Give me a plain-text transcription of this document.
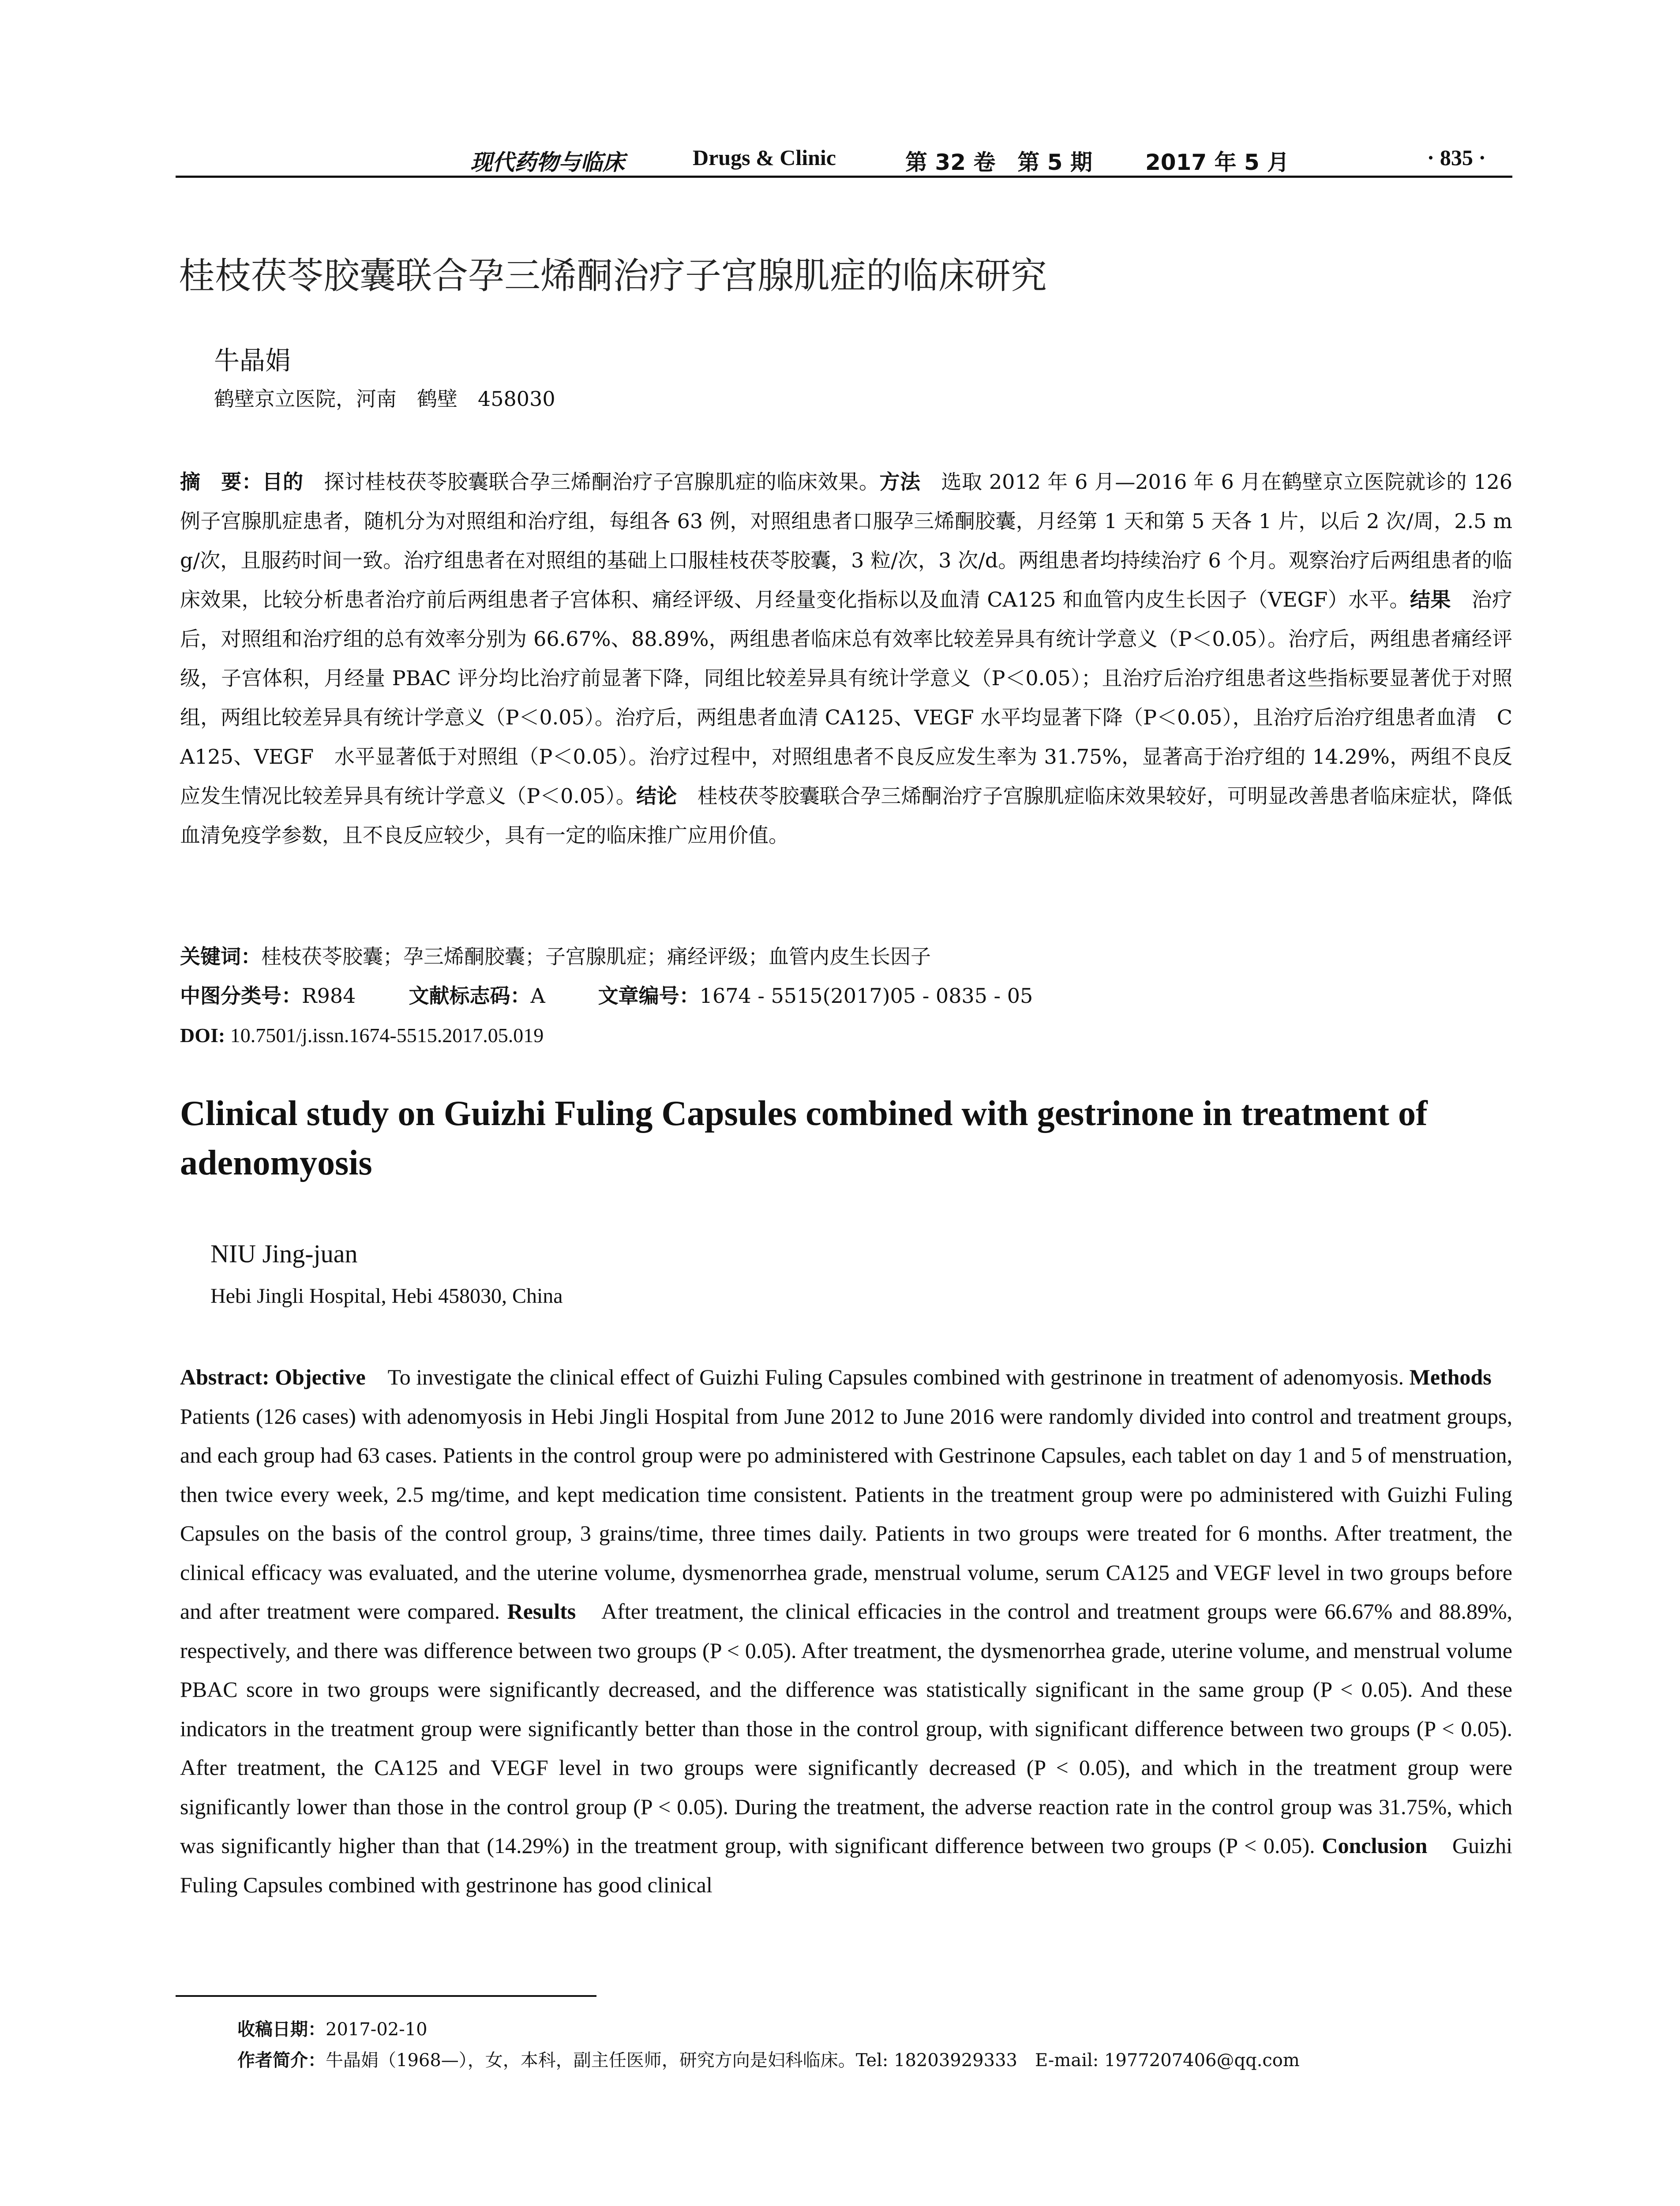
现代药物与临床	Drugs & Clinic	第 32 卷　第 5 期 2017 年 5 月	· 835 ·
桂枝茯苓胶囊联合孕三烯酮治疗子宫腺肌症的临床研究
牛晶娟
鹤壁京立医院，河南　鹤壁　458030
摘　要：目的　探讨桂枝茯苓胶囊联合孕三烯酮治疗子宫腺肌症的临床效果。方法　选取 2012 年 6 月—2016 年 6 月在鹤壁京立医院就诊的 126 例子宫腺肌症患者，随机分为对照组和治疗组，每组各 63 例，对照组患者口服孕三烯酮胶囊，月经第 1 天和第 5 天各 1 片，以后 2 次/周，2.5 mg/次，且服药时间一致。治疗组患者在对照组的基础上口服桂枝茯苓胶囊，3 粒/次，3 次/d。两组患者均持续治疗 6 个月。观察治疗后两组患者的临床效果，比较分析患者治疗前后两组患者子宫体积、痛经评级、月经量变化指标以及血清 CA125 和血管内皮生长因子（VEGF）水平。结果　治疗后，对照组和治疗组的总有效率分别为 66.67%、88.89%，两组患者临床总有效率比较差异具有统计学意义（P＜0.05）。治疗后，两组患者痛经评级，子宫体积，月经量 PBAC 评分均比治疗前显著下降，同组比较差异具有统计学意义（P＜0.05）；且治疗后治疗组患者这些指标要显著优于对照组，两组比较差异具有统计学意义（P＜0.05）。治疗后，两组患者血清 CA125、VEGF 水平均显著下降（P＜0.05），且治疗后治疗组患者血清　CA125、VEGF　水平显著低于对照组（P＜0.05）。治疗过程中，对照组患者不良反应发生率为 31.75%，显著高于治疗组的 14.29%，两组不良反应发生情况比较差异具有统计学意义（P＜0.05）。结论　桂枝茯苓胶囊联合孕三烯酮治疗子宫腺肌症临床效果较好，可明显改善患者临床症状，降低血清免疫学参数，且不良反应较少，具有一定的临床推广应用价值。
关键词：桂枝茯苓胶囊；孕三烯酮胶囊；子宫腺肌症；痛经评级；血管内皮生长因子
中图分类号：R984	文献标志码：A	文章编号：1674 - 5515(2017)05 - 0835 - 05
DOI: 10.7501/j.issn.1674-5515.2017.05.019
Clinical study on Guizhi Fuling Capsules combined with gestrinone in treatment of adenomyosis
NIU Jing-juan
Hebi Jingli Hospital, Hebi 458030, China
Abstract: Objective　To investigate the clinical effect of Guizhi Fuling Capsules combined with gestrinone in treatment of adenomyosis. Methods　Patients (126 cases) with adenomyosis in Hebi Jingli Hospital from June 2012 to June 2016 were randomly divided into control and treatment groups, and each group had 63 cases. Patients in the control group were po administered with Gestrinone Capsules, each tablet on day 1 and 5 of menstruation, then twice every week, 2.5 mg/time, and kept medication time consistent. Patients in the treatment group were po administered with Guizhi Fuling Capsules on the basis of the control group, 3 grains/time, three times daily. Patients in two groups were treated for 6 months. After treatment, the clinical efficacy was evaluated, and the uterine volume, dysmenorrhea grade, menstrual volume, serum CA125 and VEGF level in two groups before and after treatment were compared. Results　After treatment, the clinical efficacies in the control and treatment groups were 66.67% and 88.89%, respectively, and there was difference between two groups (P < 0.05). After treatment, the dysmenorrhea grade, uterine volume, and menstrual volume PBAC score in two groups were significantly decreased, and the difference was statistically significant in the same group (P < 0.05). And these indicators in the treatment group were significantly better than those in the control group, with significant difference between two groups (P < 0.05). After treatment, the CA125 and VEGF level in two groups were significantly decreased (P < 0.05), and which in the treatment group were significantly lower than those in the control group (P < 0.05). During the treatment, the adverse reaction rate in the control group was 31.75%, which was significantly higher than that (14.29%) in the treatment group, with significant difference between two groups (P < 0.05). Conclusion　Guizhi Fuling Capsules combined with gestrinone has good clinical
收稿日期：2017-02-10
作者简介：牛晶娟（1968—），女，本科，副主任医师，研究方向是妇科临床。Tel: 18203929333　E-mail: 1977207406@qq.com
